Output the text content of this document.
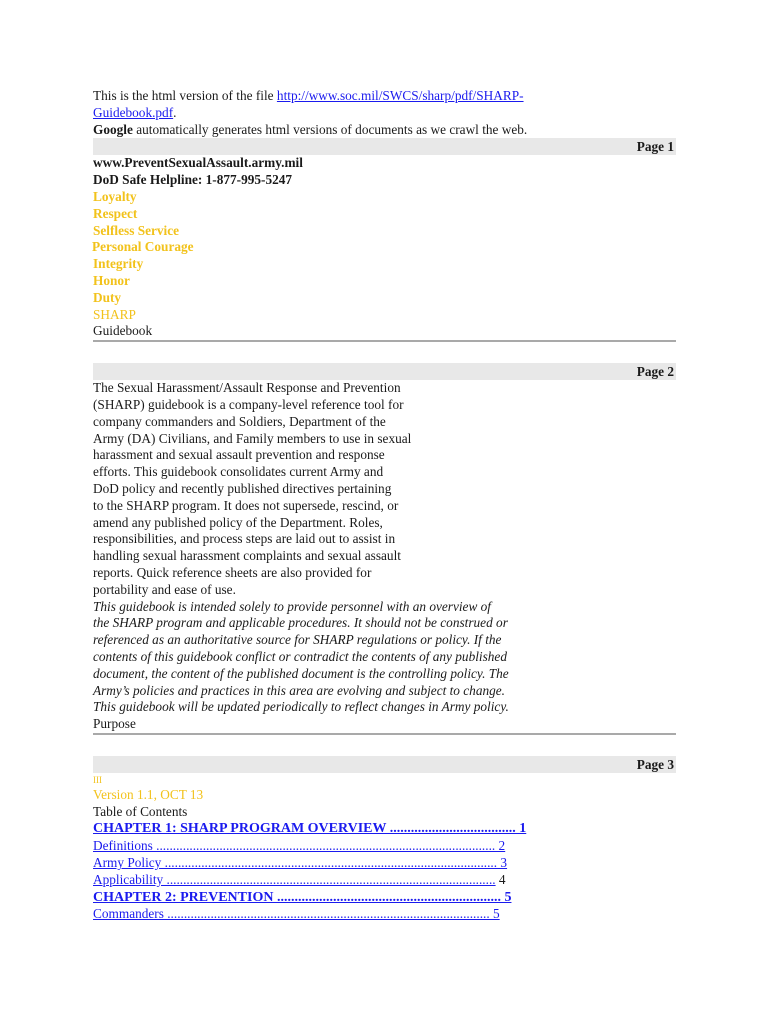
This is the html version of the file http://www.soc.mil/SWCS/sharp/pdf/SHARP-
Guidebook.pdf.
Google automatically generates html versions of documents as we crawl the web.
Page 1
www.PreventSexualAssault.army.mil
DoD Safe Helpline: 1-877-995-5247
Loyalty
Respect
Selfless Service
Personal Courage
Integrity
Honor
Duty
SHARP
Guidebook
Page 2
The Sexual Harassment/Assault Response and Prevention
(SHARP) guidebook is a company-level reference tool for
company commanders and Soldiers, Department of the
Army (DA) Civilians, and Family members to use in sexual
harassment and sexual assault prevention and response
efforts. This guidebook consolidates current Army and
DoD policy and recently published directives pertaining
to the SHARP program. It does not supersede, rescind, or
amend any published policy of the Department. Roles,
responsibilities, and process steps are laid out to assist in
handling sexual harassment complaints and sexual assault
reports. Quick reference sheets are also provided for
portability and ease of use.
This guidebook is intended solely to provide personnel with an overview of
the SHARP program and applicable procedures. It should not be construed or
referenced as an authoritative source for SHARP regulations or policy. If the
contents of this guidebook conflict or contradict the contents of any published
document, the content of the published document is the controlling policy. The
Army’s policies and practices in this area are evolving and subject to change.
This guidebook will be updated periodically to reflect changes in Army policy.
Purpose
Page 3
III
Version 1.1, OCT 13
Table of Contents
CHAPTER 1: SHARP PROGRAM OVERVIEW .................................... 1
Definitions ...................................................................................................... 2
Army Policy .................................................................................................... 3
Applicability ................................................................................................... 4
CHAPTER 2: PREVENTION ................................................................ 5
Commanders ................................................................................................. 5
